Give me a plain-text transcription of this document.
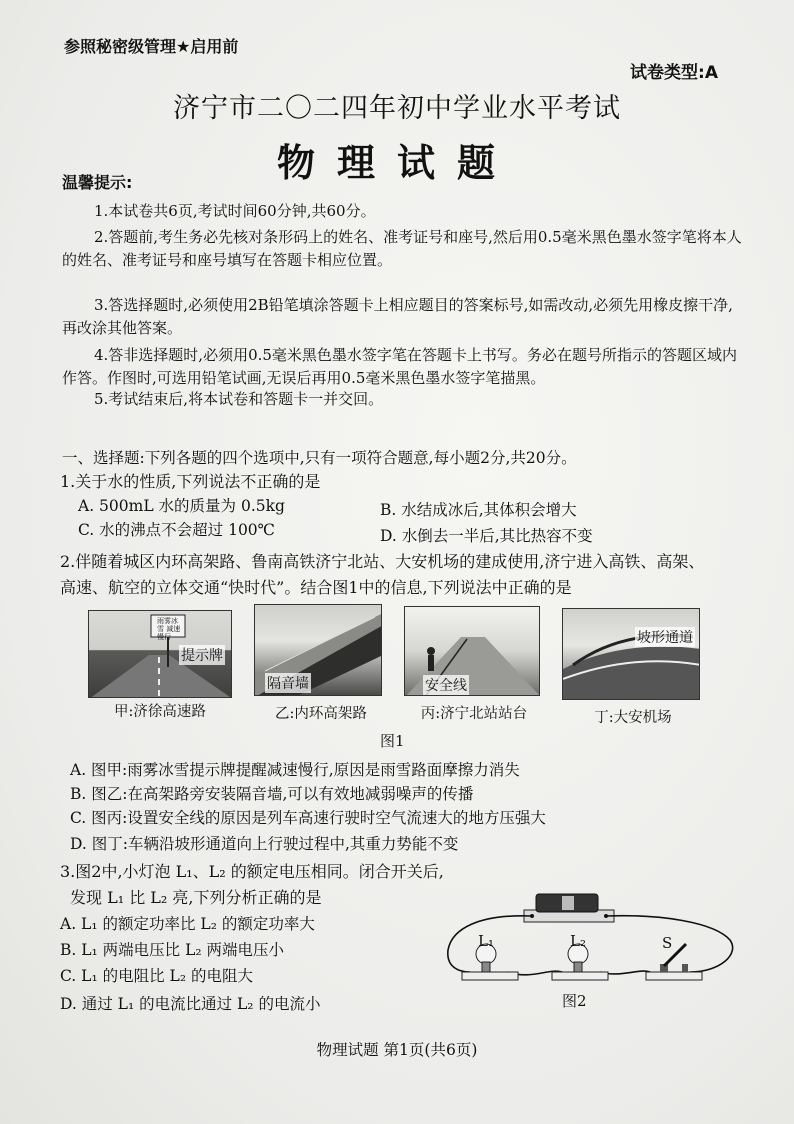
参照秘密级管理★启用前
试卷类型:A
济宁市二〇二四年初中学业水平考试
物理试题
温馨提示:
1.本试卷共6页,考试时间60分钟,共60分。
2.答题前,考生务必先核对条形码上的姓名、准考证号和座号,然后用0.5毫米黑色墨水签字笔将本人的姓名、准考证号和座号填写在答题卡相应位置。
3.答选择题时,必须使用2B铅笔填涂答题卡上相应题目的答案标号,如需改动,必须先用橡皮擦干净,再改涂其他答案。
4.答非选择题时,必须用0.5毫米黑色墨水签字笔在答题卡上书写。务必在题号所指示的答题区域内作答。作图时,可选用铅笔试画,无误后再用0.5毫米黑色墨水签字笔描黑。
5.考试结束后,将本试卷和答题卡一并交回。
一、选择题:下列各题的四个选项中,只有一项符合题意,每小题2分,共20分。
1.关于水的性质,下列说法不正确的是
A. 500mL 水的质量为 0.5kg	B. 水结成冰后,其体积会增大
C. 水的沸点不会超过 100℃	D. 水倒去一半后,其比热容不变
2.伴随着城区内环高架路、鲁南高铁济宁北站、大安机场的建成使用,济宁进入高铁、高架、
高速、航空的立体交通“快时代”。结合图1中的信息,下列说法中正确的是
雨雾冰雪 减速慢行
提示牌
甲:济徐高速路
隔音墙
乙:内环高架路
安全线
丙:济宁北站站台
坡形通道
丁:大安机场
图1
A. 图甲:雨雾冰雪提示牌提醒减速慢行,原因是雨雪路面摩擦力消失
B. 图乙:在高架路旁安装隔音墙,可以有效地减弱噪声的传播
C. 图丙:设置安全线的原因是列车高速行驶时空气流速大的地方压强大
D. 图丁:车辆沿坡形通道向上行驶过程中,其重力势能不变
3.图2中,小灯泡 L₁、L₂ 的额定电压相同。闭合开关后,
发现 L₁ 比 L₂ 亮,下列分析正确的是
A. L₁ 的额定功率比 L₂ 的额定功率大
B. L₁ 两端电压比 L₂ 两端电压小
C. L₁ 的电阻比 L₂ 的电阻大
D. 通过 L₁ 的电流比通过 L₂ 的电流小
L₁	L₂	S
图2
物理试题 第1页(共6页)
